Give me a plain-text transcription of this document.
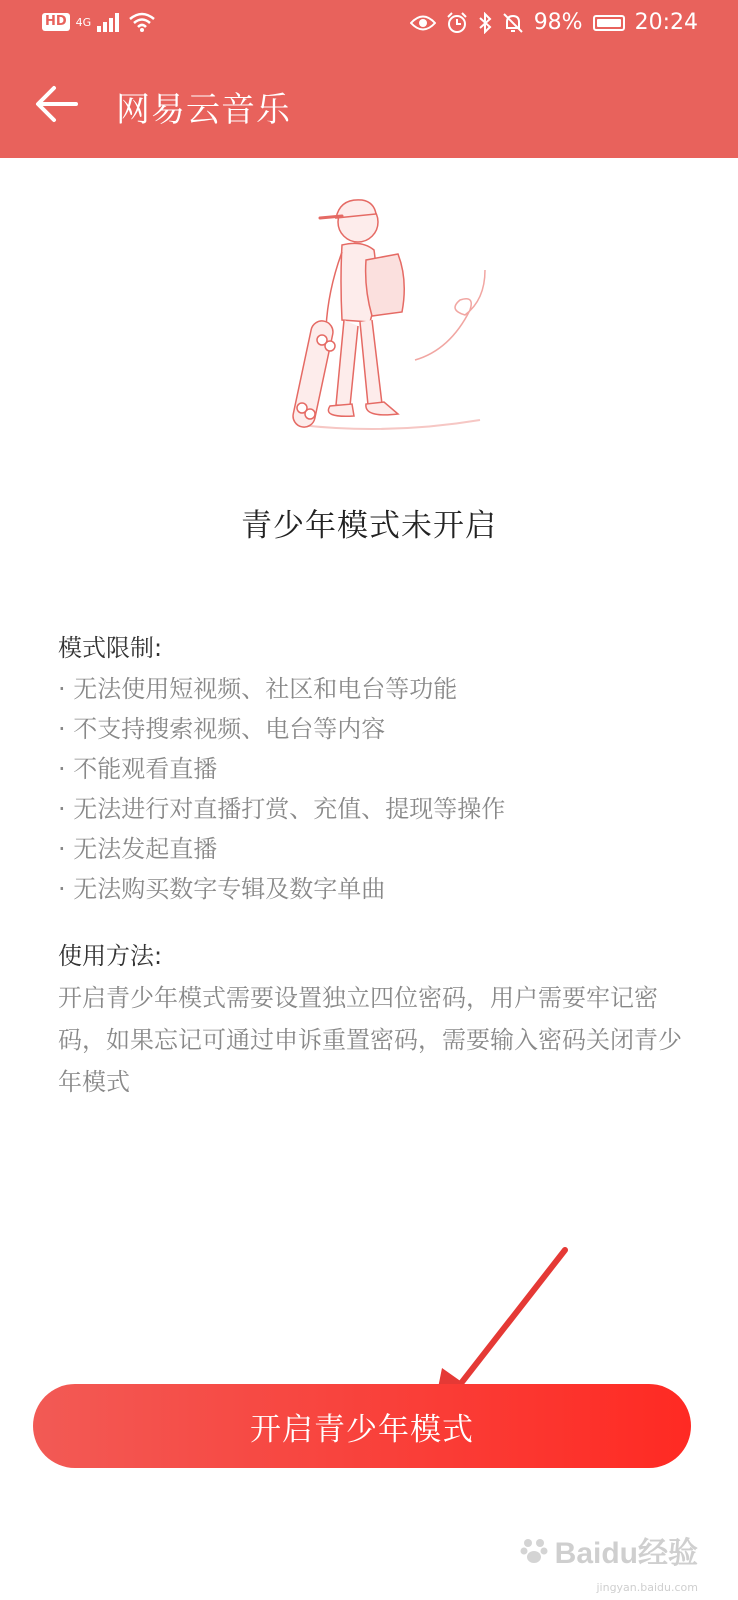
HD 4G	98% 20:24
网易云音乐
青少年模式未开启

模式限制:

· 无法使用短视频、社区和电台等功能
· 不支持搜索视频、电台等内容
· 不能观看直播
· 无法进行对直播打赏、充值、提现等操作
· 无法发起直播
· 无法购买数字专辑及数字单曲

使用方法:

开启青少年模式需要设置独立四位密码，用户需要牢记密码，如果忘记可通过申诉重置密码，需要输入密码关闭青少年模式

开启青少年模式
Baidu经验
jingyan.baidu.com
